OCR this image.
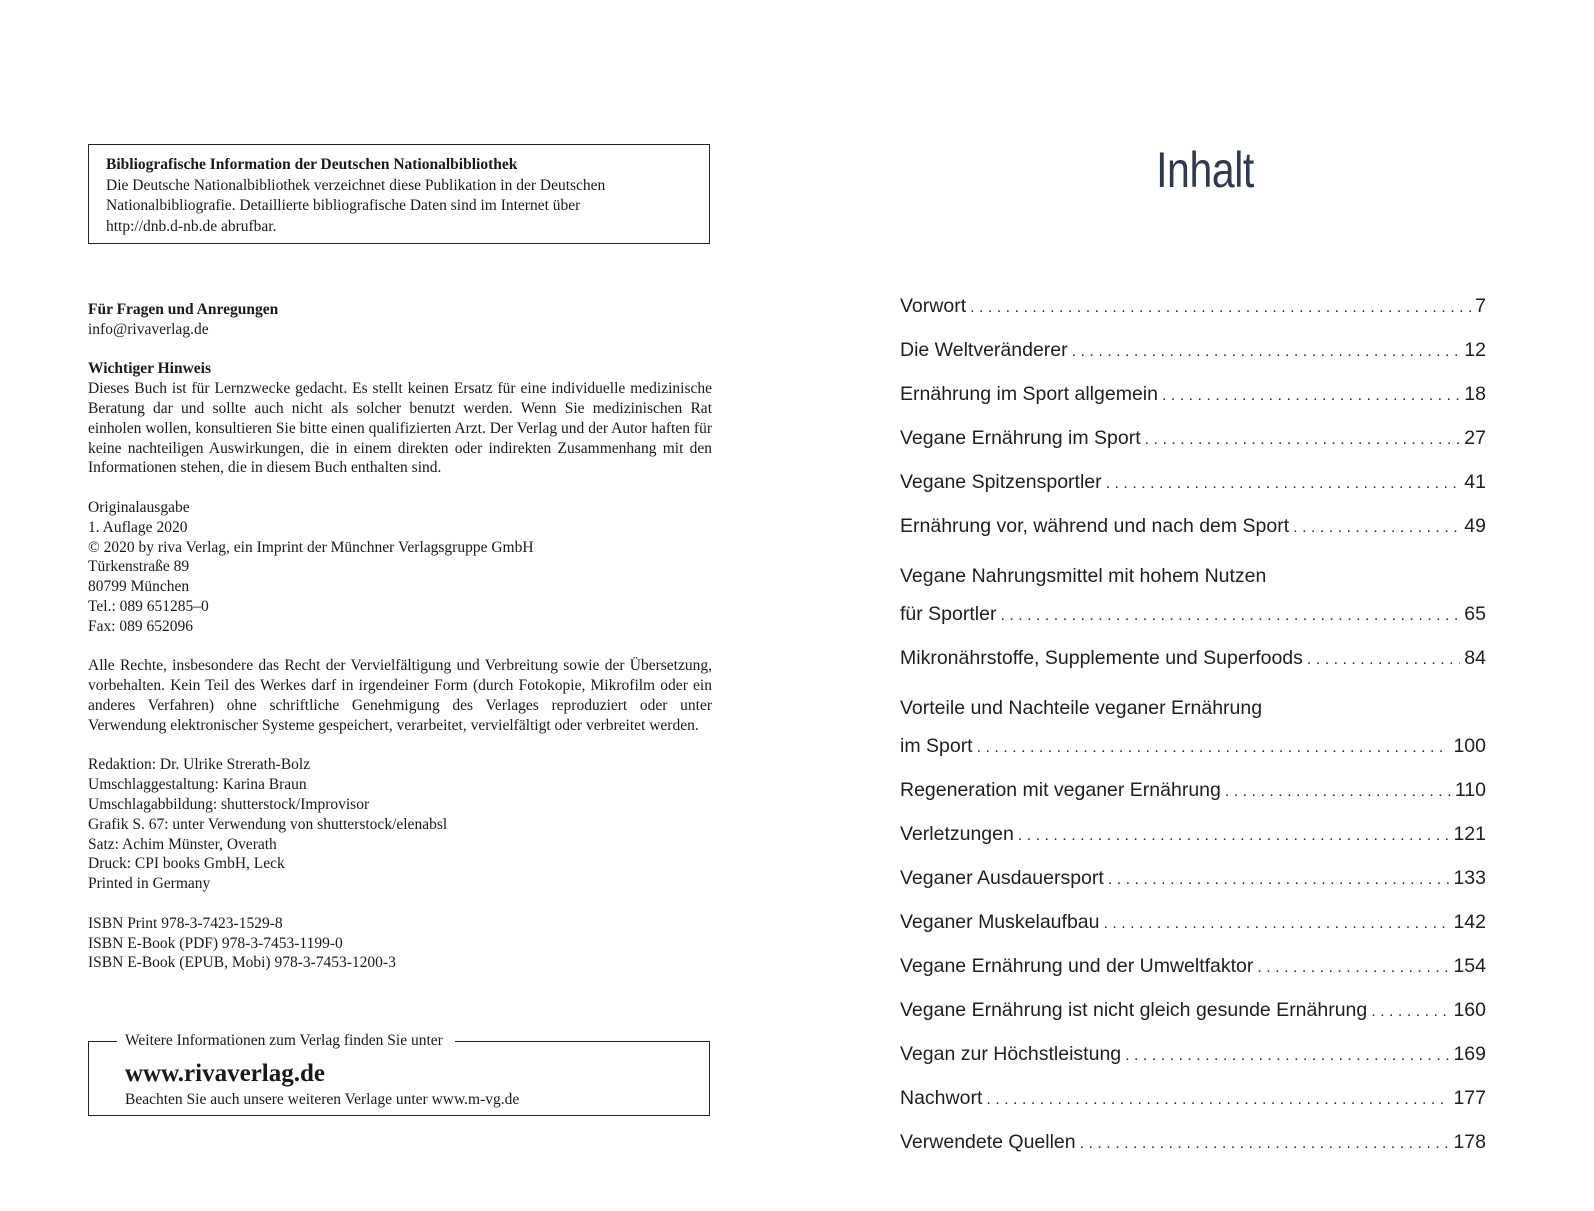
Bibliografische Information der Deutschen Nationalbibliothek
Die Deutsche Nationalbibliothek verzeichnet diese Publikation in der Deutschen
Nationalbibliografie. Detaillierte bibliografische Daten sind im Internet über
http://dnb.d-nb.de abrufbar.

Für Fragen und Anregungen

info@rivaverlag.de

Wichtiger Hinweis

Dieses Buch ist für Lernzwecke gedacht. Es stellt keinen Ersatz für eine individuelle medizinische Beratung dar und sollte auch nicht als solcher benutzt werden. Wenn Sie medizinischen Rat einholen wollen, konsultieren Sie bitte einen qualifizierten Arzt. Der Verlag und der Autor haften für keine nachteiligen Auswirkungen, die in einem direkten oder indirekten Zusammenhang mit den Informationen stehen, die in diesem Buch enthalten sind.

Originalausgabe

1. Auflage 2020

© 2020 by riva Verlag, ein Imprint der Münchner Verlagsgruppe GmbH

Türkenstraße 89

80799 München

Tel.: 089 651285–0

Fax: 089 652096

Alle Rechte, insbesondere das Recht der Vervielfältigung und Verbreitung sowie der Übersetzung, vorbehalten. Kein Teil des Werkes darf in irgendeiner Form (durch Fotokopie, Mikrofilm oder ein anderes Verfahren) ohne schriftliche Genehmigung des Verlages reproduziert oder unter Verwendung elektronischer Systeme gespeichert, verarbeitet, vervielfältigt oder verbreitet werden.

Redaktion: Dr. Ulrike Strerath-Bolz

Umschlaggestaltung: Karina Braun

Umschlagabbildung: shutterstock/Improvisor

Grafik S. 67: unter Verwendung von shutterstock/elenabsl

Satz: Achim Münster, Overath

Druck: CPI books GmbH, Leck

Printed in Germany

ISBN Print 978-3-7423-1529-8

ISBN E-Book (PDF) 978-3-7453-1199-0

ISBN E-Book (EPUB, Mobi) 978-3-7453-1200-3

Weitere Informationen zum Verlag finden Sie unter
www.rivaverlag.de
Beachten Sie auch unsere weiteren Verlage unter www.m-vg.de
Inhalt
Vorwort . . .	7
Die Weltveränderer . . .	12
Ernährung im Sport allgemein . . .	18
Vegane Ernährung im Sport . . .	27
Vegane Spitzensportler . . .	41
Ernährung vor, während und nach dem Sport . . .	49
Vegane Nahrungsmittel mit hohem Nutzen
für Sportler . . .	65
Mikronährstoffe, Supplemente und Superfoods . . .	84
Vorteile und Nachteile veganer Ernährung
im Sport . . .	100
Regeneration mit veganer Ernährung . . .	110
Verletzungen . . .	121
Veganer Ausdauersport . . .	133
Veganer Muskelaufbau . . .	142
Vegane Ernährung und der Umweltfaktor . . .	154
Vegane Ernährung ist nicht gleich gesunde Ernährung . . .	160
Vegan zur Höchstleistung . . .	169
Nachwort . . .	177
Verwendete Quellen . . .	178
